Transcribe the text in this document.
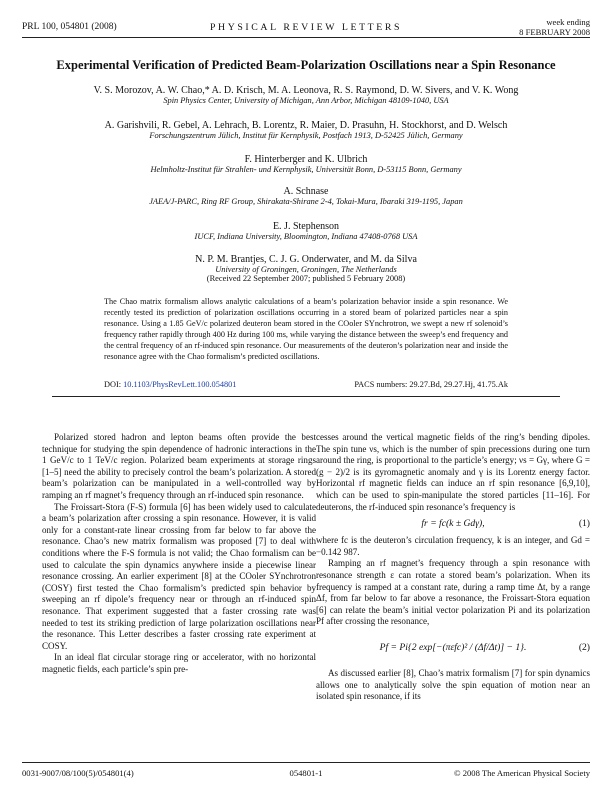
PRL 100, 054801 (2008)	PHYSICAL REVIEW LETTERS	week ending
8 FEBRUARY 2008
Experimental Verification of Predicted Beam-Polarization Oscillations near a Spin Resonance
V. S. Morozov, A. W. Chao,* A. D. Krisch, M. A. Leonova, R. S. Raymond, D. W. Sivers, and V. K. Wong
Spin Physics Center, University of Michigan, Ann Arbor, Michigan 48109-1040, USA
A. Garishvili, R. Gebel, A. Lehrach, B. Lorentz, R. Maier, D. Prasuhn, H. Stockhorst, and D. Welsch
Forschungszentrum Jülich, Institut für Kernphysik, Postfach 1913, D-52425 Jülich, Germany
F. Hinterberger and K. Ulbrich
Helmholtz-Institut für Strahlen- und Kernphysik, Universität Bonn, D-53115 Bonn, Germany
A. Schnase
JAEA/J-PARC, Ring RF Group, Shirakata-Shirane 2-4, Tokai-Mura, Ibaraki 319-1195, Japan
E. J. Stephenson
IUCF, Indiana University, Bloomington, Indiana 47408-0768 USA
N. P. M. Brantjes, C. J. G. Onderwater, and M. da Silva
University of Groningen, Groningen, The Netherlands
(Received 22 September 2007; published 5 February 2008)
The Chao matrix formalism allows analytic calculations of a beam’s polarization behavior inside a spin resonance. We recently tested its prediction of polarization oscillations occurring in a stored beam of polarized particles near a spin resonance. Using a 1.85 GeV/c polarized deuteron beam stored in the COoler SYnchrotron, we swept a new rf solenoid’s frequency rather rapidly through 400 Hz during 100 ms, while varying the distance between the sweep’s end frequency and the central frequency of an rf-induced spin resonance. Our measurements of the deuteron’s polarization near and inside the resonance agree with the Chao formalism’s predicted oscillations.
DOI: 10.1103/PhysRevLett.100.054801	PACS numbers: 29.27.Bd, 29.27.Hj, 41.75.Ak

Polarized stored hadron and lepton beams often provide the best technique for studying the spin dependence of hadronic interactions in the 1 GeV/c to 1 TeV/c region. Polarized beam experiments at storage rings [1–5] need the ability to precisely control the beam’s polarization. A stored beam’s polarization can be manipulated in a well-controlled way by ramping an rf magnet’s frequency through an rf-induced spin resonance.

The Froissart-Stora (F-S) formula [6] has been widely used to calculate a beam’s polarization after crossing a spin resonance. However, it is valid only for a constant-rate linear crossing from far below to far above the resonance. Chao’s new matrix formalism was proposed [7] to deal with conditions where the F-S formula is not valid; the Chao formalism can be used to calculate the spin dynamics anywhere inside a piecewise linear resonance crossing. An earlier experiment [8] at the COoler SYnchrotron (COSY) first tested the Chao formalism’s predicted spin behavior by sweeping an rf dipole’s frequency near or through an rf-induced spin resonance. That experiment suggested that a faster crossing rate was needed to test its striking prediction of large polarization oscillations near the resonance. This Letter describes a faster crossing rate experiment at COSY.

In an ideal flat circular storage ring or accelerator, with no horizontal magnetic fields, each particle’s spin pre-

cesses around the vertical magnetic fields of the ring’s bending dipoles. The spin tune νs, which is the number of spin precessions during one turn around the ring, is proportional to the particle’s energy; νs = Gγ, where G = (g − 2)/2 is its gyromagnetic anomaly and γ is its Lorentz energy factor. Horizontal rf magnetic fields can induce an rf spin resonance [6,9,10], which can be used to spin-manipulate the stored particles [11–16]. For deuterons, the rf-induced spin resonance’s frequency is

fr = fc(k ± Gdγ),	(1)

where fc is the deuteron’s circulation frequency, k is an integer, and Gd = −0.142 987.

Ramping an rf magnet’s frequency through a spin resonance with resonance strength ε can rotate a stored beam’s polarization. When its frequency is ramped at a constant rate, during a ramp time Δt, by a range Δf, from far below to far above a resonance, the Froissart-Stora equation [6] can relate the beam’s initial vector polarization Pi and its polarization Pf after crossing the resonance,

Pf = Pi{2 exp[−(πεfc)² / (Δf/Δt)] − 1}.	(2)

As discussed earlier [8], Chao’s matrix formalism [7] for spin dynamics allows one to analytically solve the spin equation of motion near an isolated spin resonance, if its

0031-9007/08/100(5)/054801(4)	054801-1	© 2008 The American Physical Society
